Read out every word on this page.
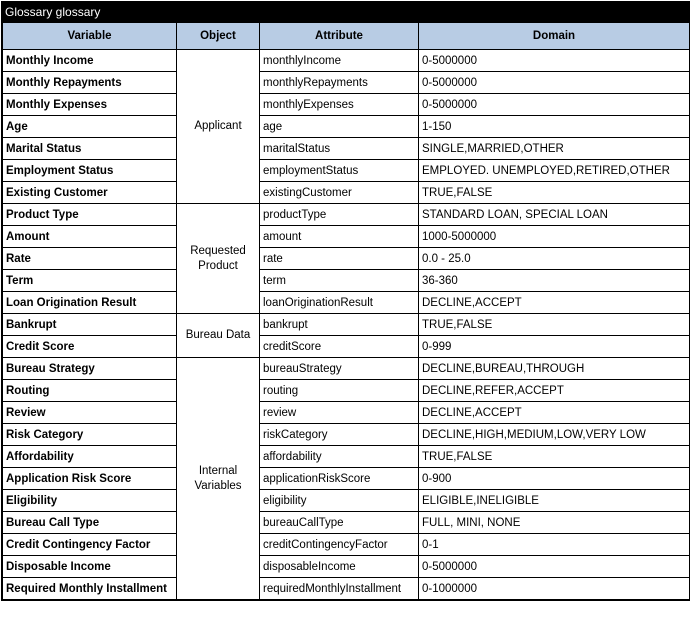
Glossary glossary
Variable	Object	Attribute	Domain
Monthly Income	Applicant	monthlyIncome	0-5000000
Monthly Repayments		monthlyRepayments	0-5000000
Monthly Expenses		monthlyExpenses	0-5000000
Age		age	1-150
Marital Status		maritalStatus	SINGLE,MARRIED,OTHER
Employment Status		employmentStatus	EMPLOYED. UNEMPLOYED,RETIRED,OTHER
Existing Customer		existingCustomer	TRUE,FALSE
Product Type	Requested Product	productType	STANDARD LOAN, SPECIAL LOAN
Amount		amount	1000-5000000
Rate		rate	0.0 - 25.0
Term		term	36-360
Loan Origination Result		loanOriginationResult	DECLINE,ACCEPT
Bankrupt	Bureau Data	bankrupt	TRUE,FALSE
Credit Score		creditScore	0-999
Bureau Strategy	Internal Variables	bureauStrategy	DECLINE,BUREAU,THROUGH
Routing		routing	DECLINE,REFER,ACCEPT
Review		review	DECLINE,ACCEPT
Risk Category		riskCategory	DECLINE,HIGH,MEDIUM,LOW,VERY LOW
Affordability		affordability	TRUE,FALSE
Application Risk Score		applicationRiskScore	0-900
Eligibility		eligibility	ELIGIBLE,INELIGIBLE
Bureau Call Type		bureauCallType	FULL, MINI, NONE
Credit Contingency Factor		creditContingencyFactor	0-1
Disposable Income		disposableIncome	0-5000000
Required Monthly Installment		requiredMonthlyInstallment	0-1000000
